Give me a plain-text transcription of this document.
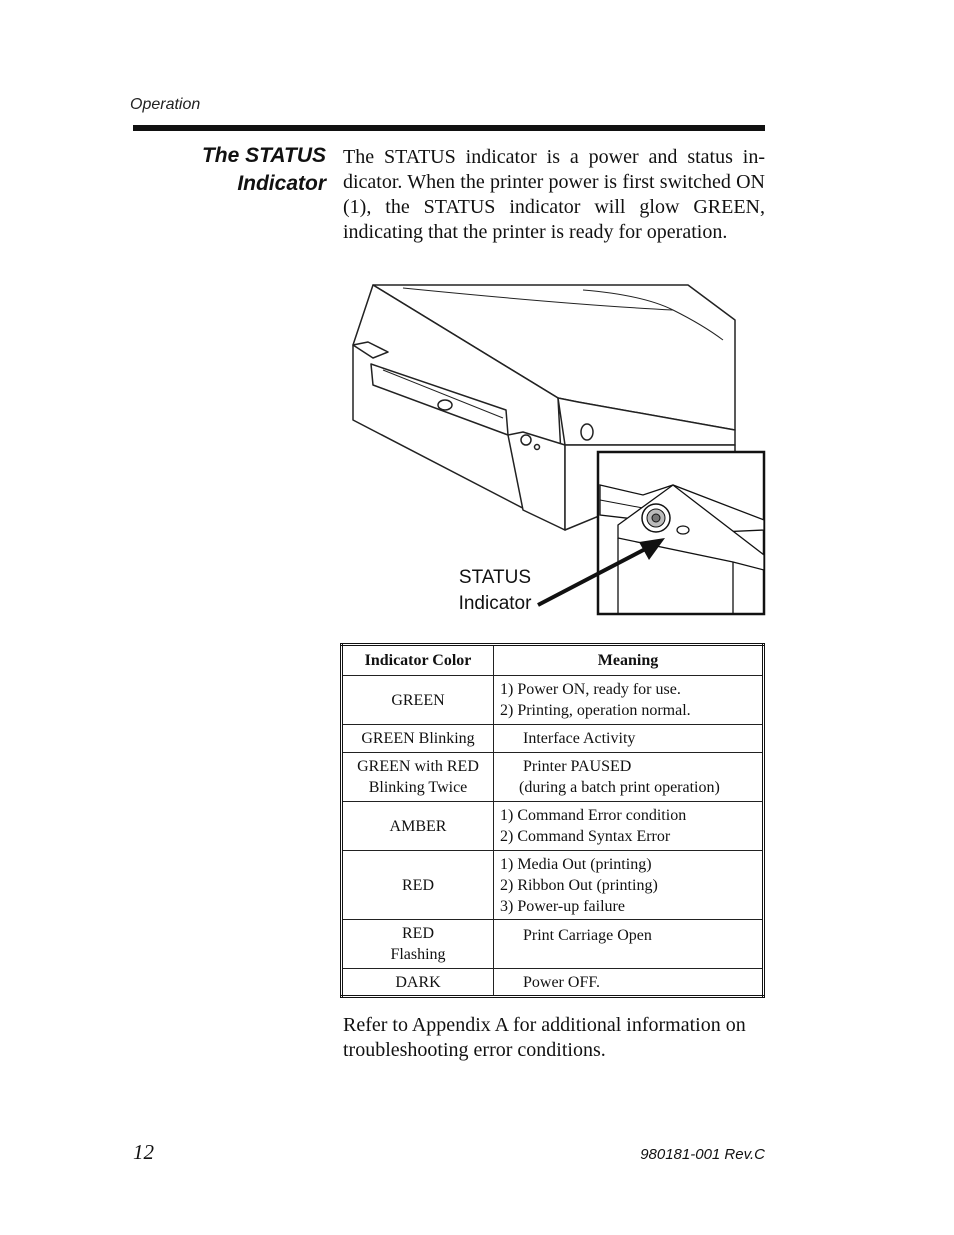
Operation
The STATUS
Indicator
The STATUS indicator is a power and status in-dicator. When the printer power is first switched ON (1), the STATUS indicator will glow GREEN, indicating that the printer is ready for operation.
STATUS
Indicator
Indicator Color	Meaning
GREEN	1) Power ON, ready for use.
2) Printing, operation normal.

GREEN Blinking	Interface Activity

GREEN with RED
Blinking Twice	Printer PAUSED
(during a batch print operation)

AMBER	1) Command Error condition
2) Command Syntax Error

RED	1) Media Out (printing)
2) Ribbon Out (printing)
3) Power-up failure

RED
Flashing	Print Carriage Open

DARK	Power OFF.
Refer to Appendix A for additional information on troubleshooting error conditions.
12	980181-001 Rev.C
